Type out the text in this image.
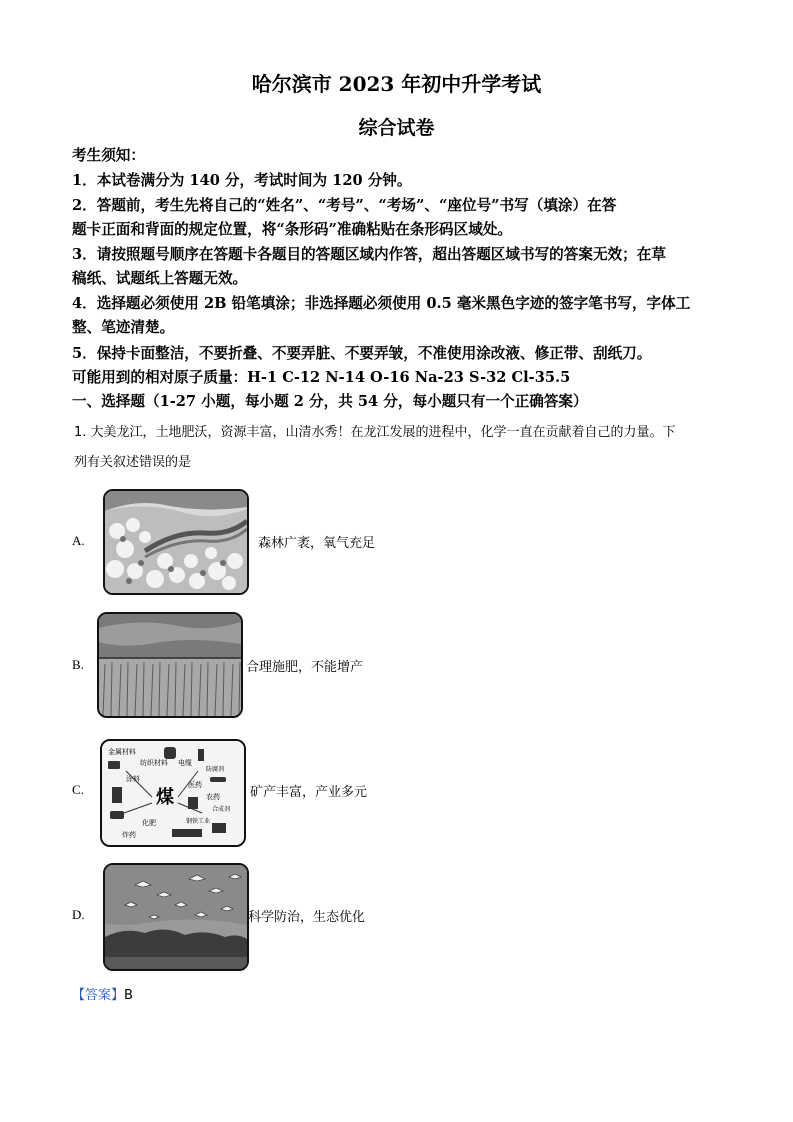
哈尔滨市 2023 年初中升学考试
综合试卷
考生须知：
1．本试卷满分为 140 分，考试时间为 120 分钟。
2．答题前，考生先将自己的“姓名”、“考号”、“考场”、“座位号”书写（填涂）在答
题卡正面和背面的规定位置，将“条形码”准确粘贴在条形码区域处。
3．请按照题号顺序在答题卡各题目的答题区域内作答，超出答题区域书写的答案无效；在草
稿纸、试题纸上答题无效。
4．选择题必须使用 2B 铅笔填涂；非选择题必须使用 0.5 毫米黑色字迹的签字笔书写，字体工
整、笔迹清楚。
5．保持卡面整洁，不要折叠、不要弄脏、不要弄皱，不准使用涂改液、修正带、刮纸刀。
可能用到的相对原子质量：H-1 C-12 N-14 O-16 Na-23 S-32 Cl-35.5
一、选择题（1-27 小题，每小题 2 分，共 54 分，每小题只有一个正确答案）
1. 大美龙江，土地肥沃，资源丰富，山清水秀！在龙江发展的进程中，化学一直在贡献着自己的力量。下
列有关叙述错误的是
A.	森林广袤，氧气充足
B.	合理施肥，不能增产
C.
金属材料
纺织材料 电缆
涂料
医药
农药
化肥	钢铁工业
防腐剂
合成剂
炸药
煤	矿产丰富，产业多元
D.	科学防治，生态优化
【答案】B
